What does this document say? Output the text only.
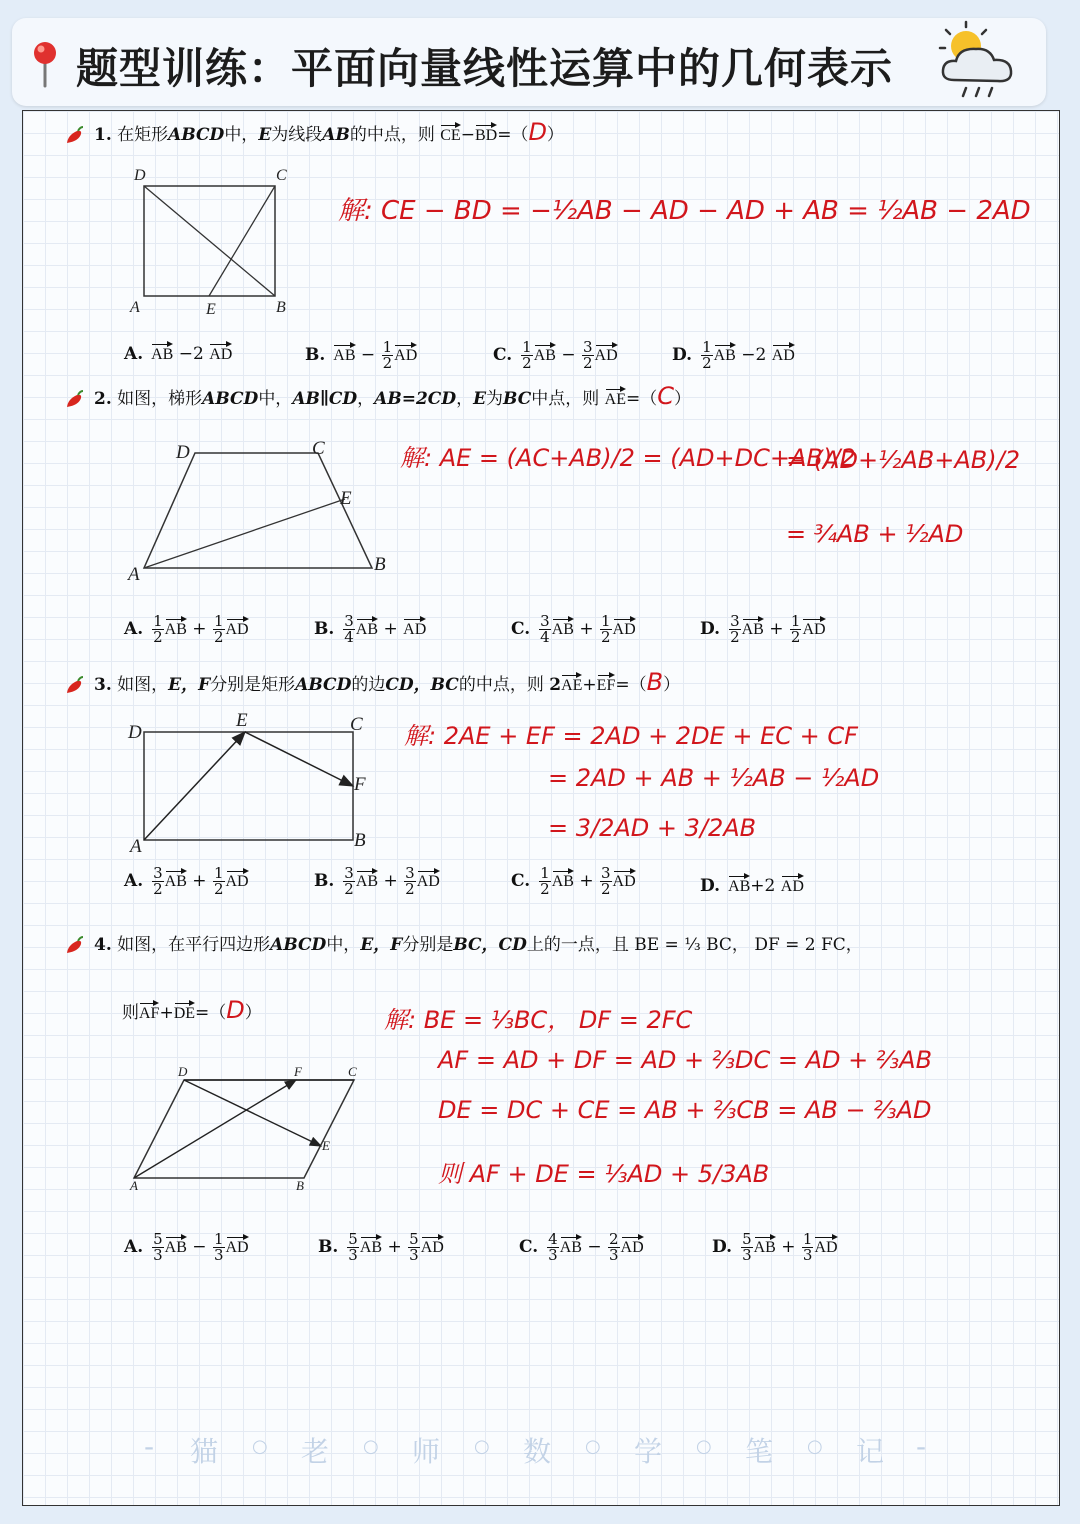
题型训练：平面向量线性运算中的几何表示
1. 在矩形ABCD中，E为线段AB的中点，则 CE−BD=（D）
D	C
A	E	B
解: CE − BD = −½AB − AD − AD + AB = ½AB − 2AD
A. AB −2 AD	B. AB − $\frac{1}{2}$ AD	C. $\frac{1}{2}$ AB − $\frac{3}{2}$ AD	D. $\frac{1}{2}$ AB −2 AD
2. 如图，梯形ABCD中，AB∥CD，AB=2CD，E为BC中点，则 AE=（C）
D	C
E
A	B
解: AE = (AC+AB)/2 = (AD+DC+AB)/2
= (AD+½AB+AB)/2
= ¾AB + ½AD
A. $\frac{1}{2}$ AB + $\frac{1}{2}$ AD	B. $\frac{3}{4}$ AB + AD	C. $\frac{3}{4}$ AB + $\frac{1}{2}$ AD	D. $\frac{3}{2}$ AB + $\frac{1}{2}$ AD
3. 如图，E，F分别是矩形ABCD的边CD，BC的中点，则 2AE+EF=（B）
D
E	C
F
A	B
解: 2AE + EF = 2AD + 2DE + EC + CF
= 2AD + AB + ½AB − ½AD
= 3/2AD + 3/2AB
A. $\frac{3}{2}$ AB + $\frac{1}{2}$ AD	B. $\frac{3}{2}$ AB + $\frac{3}{2}$ AD	C. $\frac{1}{2}$ AB + $\frac{3}{2}$ AD	D. AB+2 AD
4. 如图，在平行四边形ABCD中，E，F分别是BC，CD上的一点，且 BE = ⅓ BC， DF = 2 FC，
则AF+DE=（D）
D	F	C
E
A	B
解: BE = ⅓BC， DF = 2FC
AF = AD + DF = AD + ⅔DC = AD + ⅔AB
DE = DC + CE = AB + ⅔CB = AB − ⅔AD
则 AF + DE = ⅓AD + 5/3AB
A. $\frac{5}{3}$ AB − $\frac{1}{3}$ AD	B. $\frac{5}{3}$ AB + $\frac{5}{3}$ AD	C. $\frac{4}{3}$ AB − $\frac{2}{3}$ AD	D. $\frac{5}{3}$ AB + $\frac{1}{3}$ AD
- 猫 ○ 老 ○ 师 ○ 数 ○ 学 ○ 笔 ○ 记 -
